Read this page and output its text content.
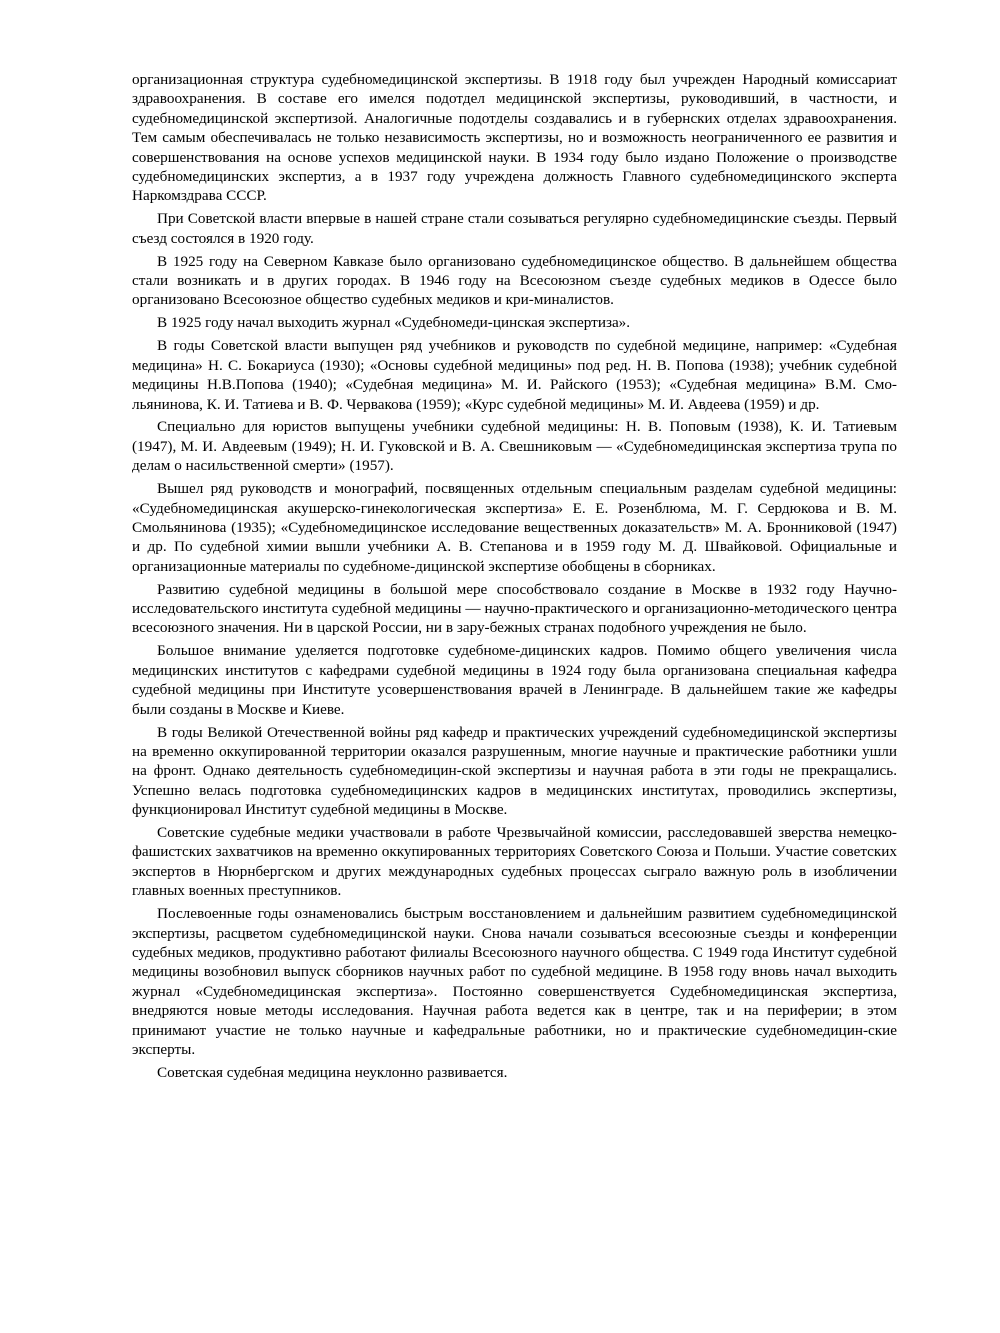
организационная структура судебномедицинской экспертизы. В 1918 году был учрежден Народный комиссариат здравоохранения. В составе его имелся подотдел медицинской экспертизы, руководивший, в частности, и судебномедицинской экспертизой. Аналогичные подотделы создавались и в губернских отделах здравоохранения. Тем самым обеспечивалась не только независимость экспертизы, но и возможность неограниченного ее развития и совершенствования на основе успехов медицинской науки. В 1934 году было издано Положение о производстве судебномедицинских экспертиз, а в 1937 году учреждена должность Главного судебномедицинского эксперта Наркомздрава СССР.

При Советской власти впервые в нашей стране стали созываться регулярно судебномедицинские съезды. Первый съезд состоялся в 1920 году.

В 1925 году на Северном Кавказе было организовано судебномедицинское общество. В дальнейшем общества стали возникать и в других городах. В 1946 году на Всесоюзном съезде судебных медиков в Одессе было организовано Всесоюзное общество судебных медиков и кри-миналистов.

В 1925 году начал выходить журнал «Судебномеди-цинская экспертиза».

В годы Советской власти выпущен ряд учебников и руководств по судебной медицине, например: «Судебная медицина» Н. С. Бокариуса (1930); «Основы судебной медицины» под ред. Н. В. Попова (1938); учебник судебной медицины Н.В.Попова (1940); «Судебная медицина» М. И. Райского (1953); «Судебная медицина» В.М. Смо-льянинова, К. И. Татиева и В. Ф. Червакова (1959); «Курс судебной медицины» М. И. Авдеева (1959) и др.

Специально для юристов выпущены учебники судебной медицины: Н. В. Поповым (1938), К. И. Татиевым (1947), М. И. Авдеевым (1949); Н. И. Гуковской и В. А. Свешниковым — «Судебномедицинская экспертиза трупа по делам о насильственной смерти» (1957).

Вышел ряд руководств и монографий, посвященных отдельным специальным разделам судебной медицины: «Судебномедицинская акушерско-гинекологическая экспертиза» Е. Е. Розенблюма, М. Г. Сердюкова и В. М. Смольянинова (1935); «Судебномедицинское исследование вещественных доказательств» М. А. Бронниковой (1947) и др. По судебной химии вышли учебники А. В. Степанова и в 1959 году М. Д. Швайковой. Официальные и организационные материалы по судебноме-дицинской экспертизе обобщены в сборниках.

Развитию судебной медицины в большой мере способствовало создание в Москве в 1932 году Научно-исследовательского института судебной медицины — научно-практического и организационно-методического центра всесоюзного значения. Ни в царской России, ни в зару-бежных странах подобного учреждения не было.

Большое внимание уделяется подготовке судебноме-дицинских кадров. Помимо общего увеличения числа медицинских институтов с кафедрами судебной медицины в 1924 году была организована специальная кафедра судебной медицины при Институте усовершенствования врачей в Ленинграде. В дальнейшем такие же кафедры были созданы в Москве и Киеве.

В годы Великой Отечественной войны ряд кафедр и практических учреждений судебномедицинской экспертизы на временно оккупированной территории оказался разрушенным, многие научные и практические работники ушли на фронт. Однако деятельность судебномедицин-ской экспертизы и научная работа в эти годы не прекращались. Успешно велась подготовка судебномедицинских кадров в медицинских институтах, проводились экспертизы, функционировал Институт судебной медицины в Москве.

Советские судебные медики участвовали в работе Чрезвычайной комиссии, расследовавшей зверства немецко-фашистских захватчиков на временно оккупированных территориях Советского Союза и Польши. Участие советских экспертов в Нюрнбергском и других международных судебных процессах сыграло важную роль в изобличении главных военных преступников.

Послевоенные годы ознаменовались быстрым восстановлением и дальнейшим развитием судебномедицинской экспертизы, расцветом судебномедицинской науки. Снова начали созываться всесоюзные съезды и конференции судебных медиков, продуктивно работают филиалы Всесоюзного научного общества. С 1949 года Институт судебной медицины возобновил выпуск сборников научных работ по судебной медицине. В 1958 году вновь начал выходить журнал «Судебномедицинская экспертиза». Постоянно совершенствуется Судебномедицинская экспертиза, внедряются новые методы исследования. Научная работа ведется как в центре, так и на периферии; в этом принимают участие не только научные и кафедральные работники, но и практические судебномедицин-ские эксперты.

Советская судебная медицина неуклонно развивается.
